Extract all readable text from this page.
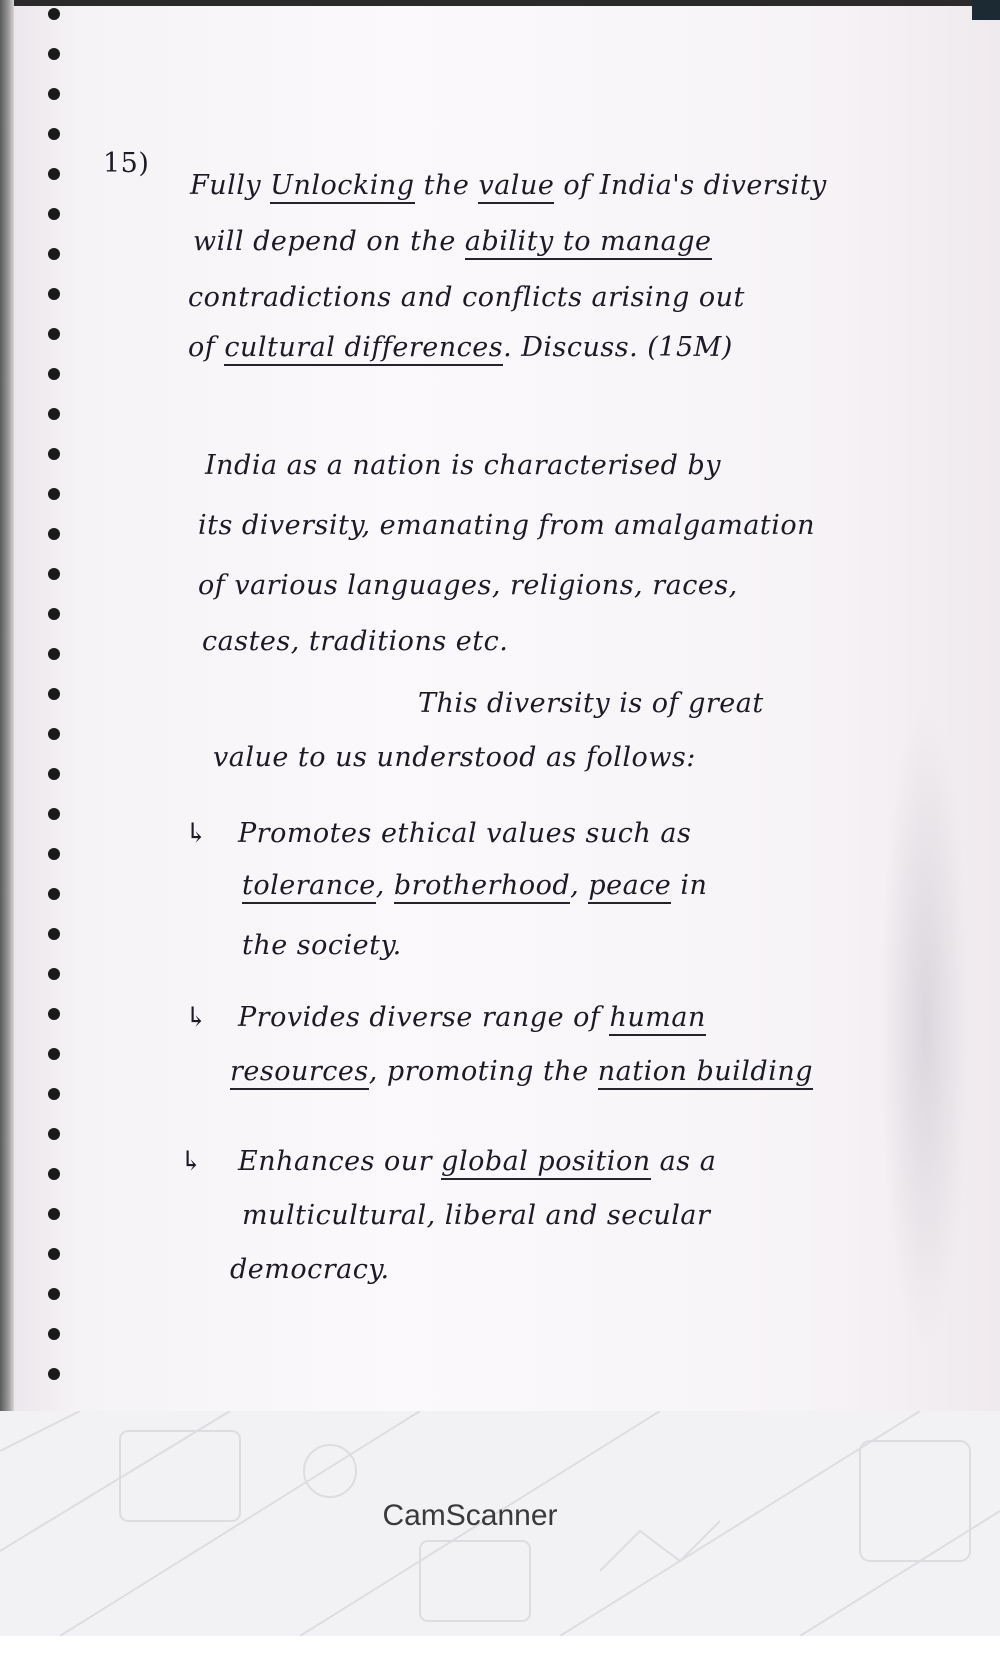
15)
Fully Unlocking the value of India's diversity
will depend on the ability to manage
contradictions and conflicts arising out
of cultural differences. Discuss. (15M)
India as a nation is characterised by
its diversity, emanating from amalgamation
of various languages, religions, races,
castes, traditions etc.
This diversity is of great
value to us understood as follows:
↳ Promotes ethical values such as
tolerance, brotherhood, peace in
the society.
↳ Provides diverse range of human
resources, promoting the nation building
↳ Enhances our global position as a
multicultural, liberal and secular
democracy.
CamScanner
